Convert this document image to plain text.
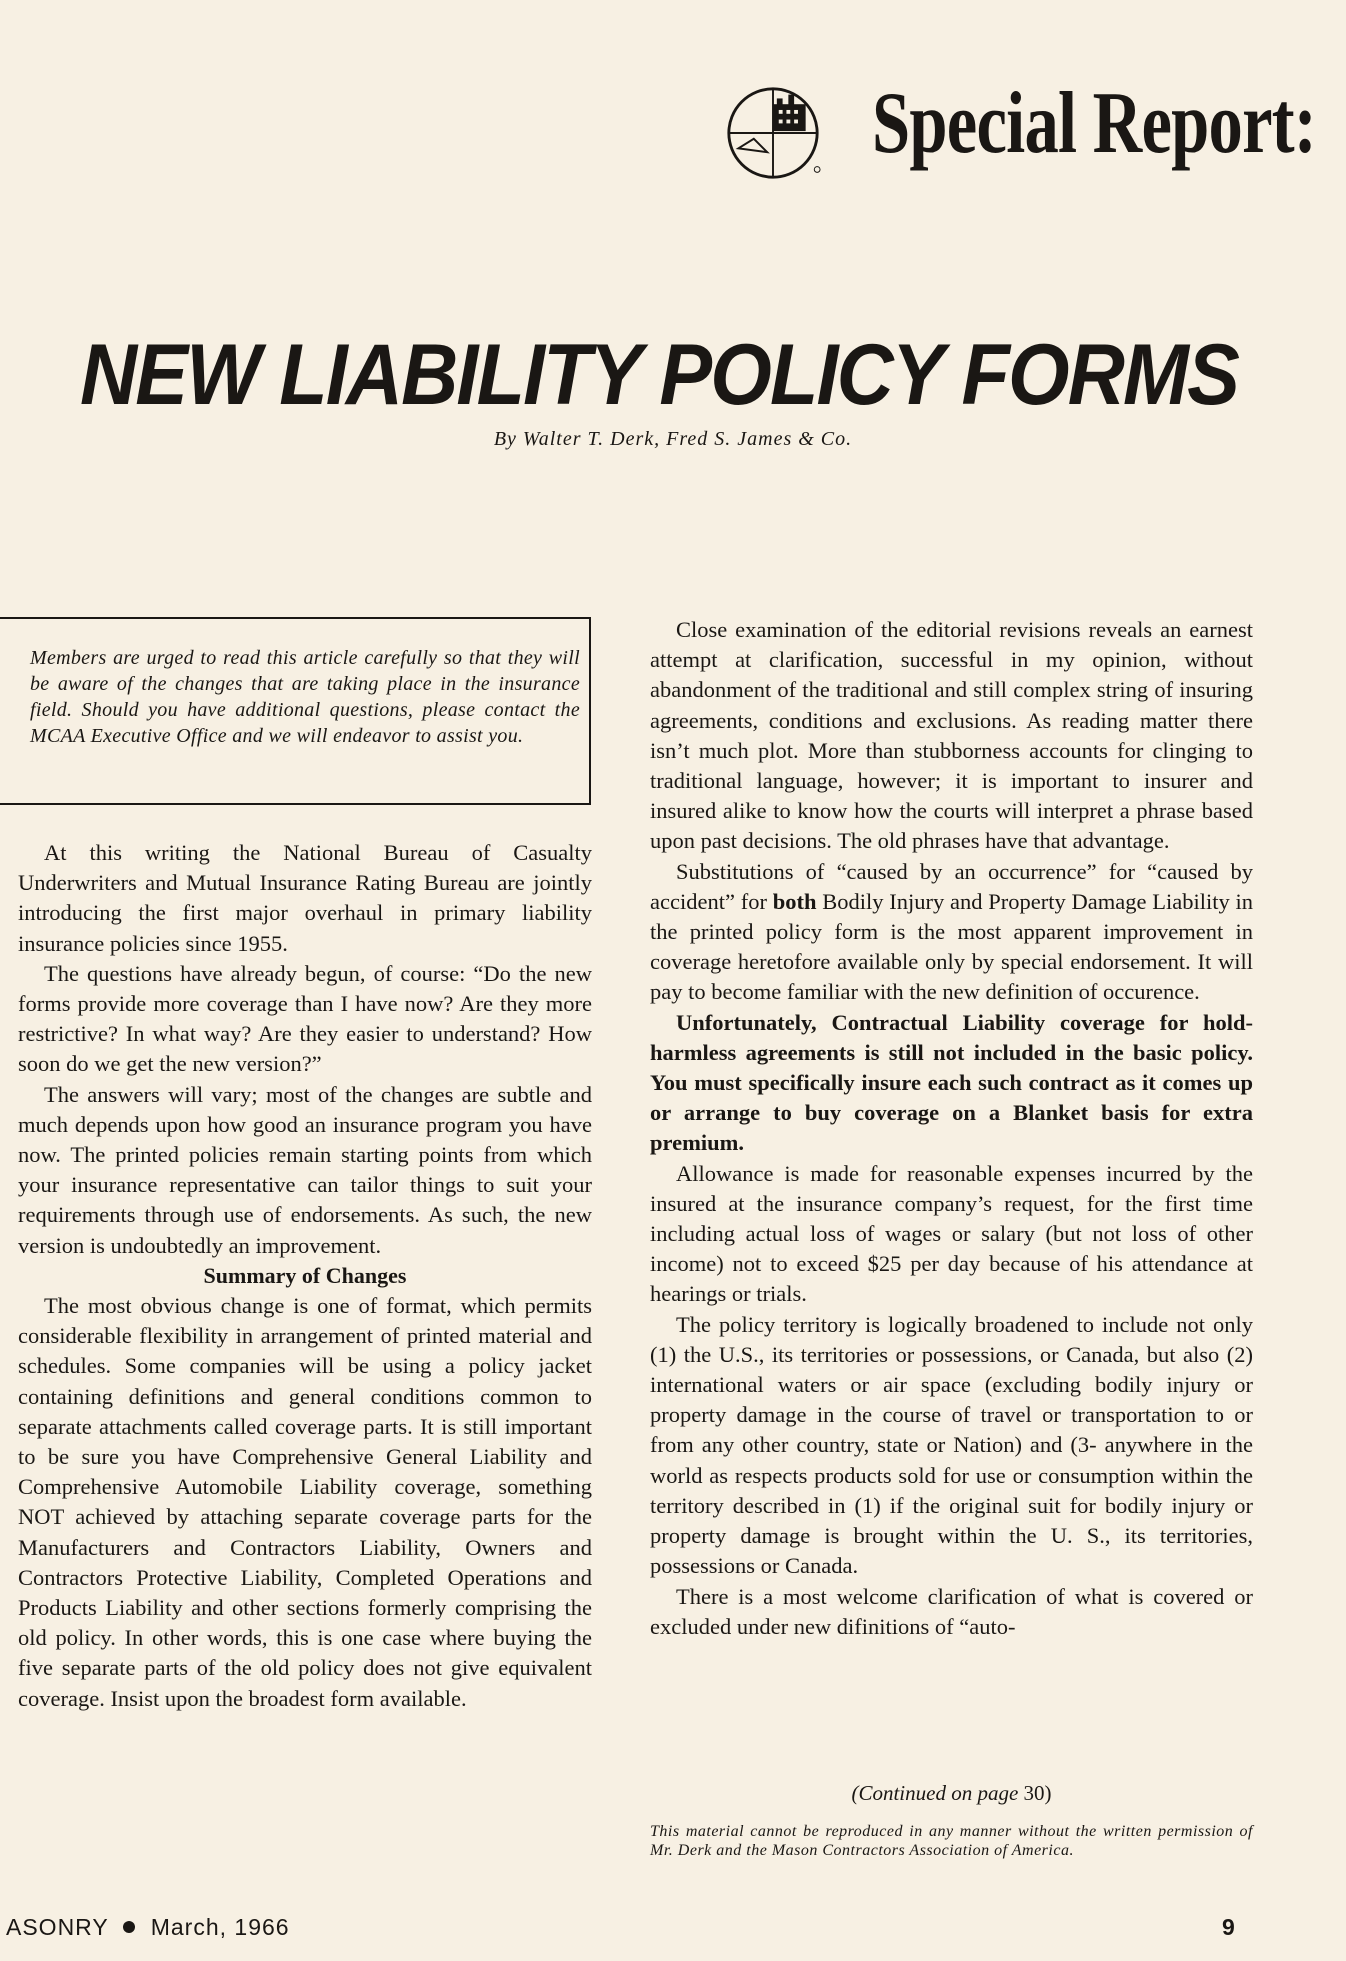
Special Report:
NEW LIABILITY POLICY FORMS
By Walter T. Derk, Fred S. James & Co.
Members are urged to read this article carefully so that they will be aware of the changes that are taking place in the insurance field. Should you have additional questions, please contact the MCAA Executive Office and we will endeavor to assist you.

At this writing the National Bureau of Casualty Underwriters and Mutual Insurance Rating Bureau are jointly introducing the first major overhaul in primary liability insurance policies since 1955.

The questions have already begun, of course: “Do the new forms provide more coverage than I have now? Are they more restrictive? In what way? Are they easier to understand? How soon do we get the new version?”

The answers will vary; most of the changes are subtle and much depends upon how good an insurance program you have now. The printed policies remain starting points from which your insurance representative can tailor things to suit your requirements through use of endorsements. As such, the new version is undoubtedly an improvement.

Summary of Changes

The most obvious change is one of format, which permits considerable flexibility in arrangement of printed material and schedules. Some companies will be using a policy jacket containing definitions and general conditions common to separate attachments called coverage parts. It is still important to be sure you have Comprehensive General Liability and Comprehensive Automobile Liability coverage, something NOT achieved by attaching separate coverage parts for the Manufacturers and Contractors Liability, Owners and Contractors Protective Liability, Completed Operations and Products Liability and other sections formerly comprising the old policy. In other words, this is one case where buying the five separate parts of the old policy does not give equivalent coverage. Insist upon the broadest form available.

Close examination of the editorial revisions reveals an earnest attempt at clarification, successful in my opinion, without abandonment of the traditional and still complex string of insuring agreements, conditions and exclusions. As reading matter there isn’t much plot. More than stubborness accounts for clinging to traditional language, however; it is important to insurer and insured alike to know how the courts will interpret a phrase based upon past decisions. The old phrases have that advantage.

Substitutions of “caused by an occurrence” for “caused by accident” for both Bodily Injury and Property Damage Liability in the printed policy form is the most apparent improvement in coverage heretofore available only by special endorsement. It will pay to become familiar with the new definition of occurence.

Unfortunately, Contractual Liability coverage for hold-harmless agreements is still not included in the basic policy. You must specifically insure each such contract as it comes up or arrange to buy coverage on a Blanket basis for extra premium.

Allowance is made for reasonable expenses incurred by the insured at the insurance company’s request, for the first time including actual loss of wages or salary (but not loss of other income) not to exceed $25 per day because of his attendance at hearings or trials.

The policy territory is logically broadened to include not only (1) the U.S., its territories or possessions, or Canada, but also (2) international waters or air space (excluding bodily injury or property damage in the course of travel or transportation to or from any other country, state or Nation) and (3- anywhere in the world as respects products sold for use or consumption within the territory described in (1) if the original suit for bodily injury or property damage is brought within the U. S., its territories, possessions or Canada.

There is a most welcome clarification of what is covered or excluded under new difinitions of “auto-

(Continued on page 30)
This material cannot be reproduced in any manner without the written permission of Mr. Derk and the Mason Contractors Association of America.
ASONRY March, 1966	9
